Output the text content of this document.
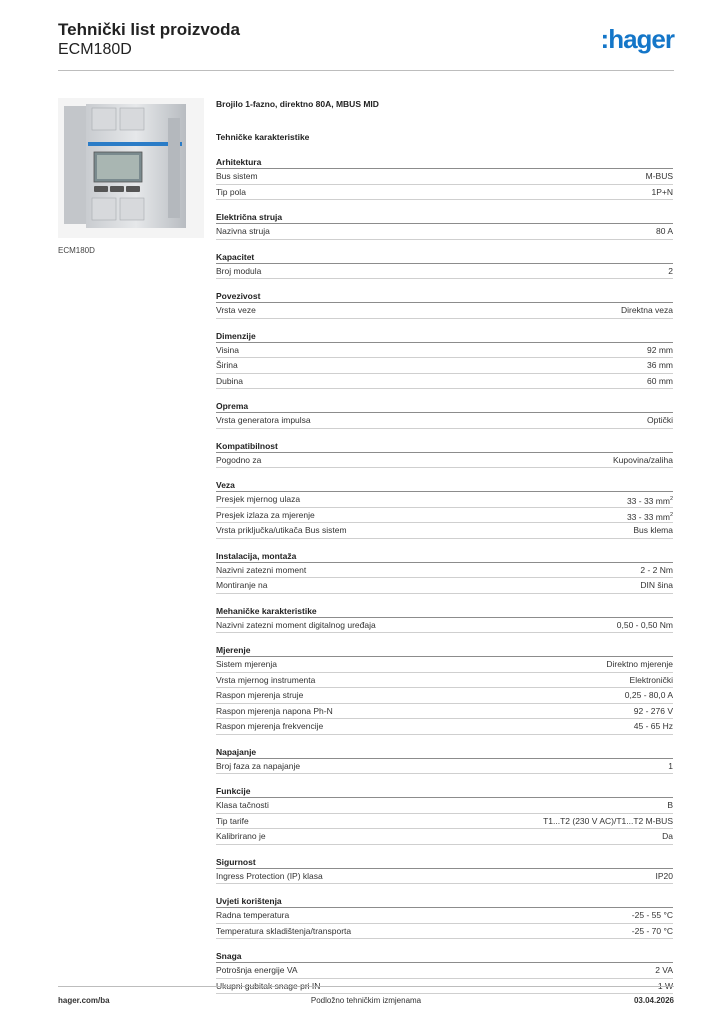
Tehnički list proizvoda
ECM180D	:hager
ECM180D
Brojilo 1-fazno, direktno 80A, MBUS MID
Tehničke karakteristike
Arhitektura
Bus sistem	M-BUS
Tip pola	1P+N
Električna struja
Nazivna struja	80 A
Kapacitet
Broj modula	2
Povezivost
Vrsta veze	Direktna veza
Dimenzije
Visina	92 mm
Širina	36 mm
Dubina	60 mm
Oprema
Vrsta generatora impulsa	Optički
Kompatibilnost
Pogodno za	Kupovina/zaliha
Veza
Presjek mjernog ulaza	33 - 33 $mm^2$
Presjek izlaza za mjerenje	33 - 33 $mm^2$
Vrsta priključka/utikača Bus sistem	Bus klema
Instalacija, montaža
Nazivni zatezni moment	2 - 2 Nm
Montiranje na	DIN šina
Mehaničke karakteristike
Nazivni zatezni moment digitalnog uređaja	0,50 - 0,50 Nm
Mjerenje
Sistem mjerenja	Direktno mjerenje
Vrsta mjernog instrumenta	Elektronički
Raspon mjerenja struje	0,25 - 80,0 A
Raspon mjerenja napona Ph-N	92 - 276 V
Raspon mjerenja frekvencije	45 - 65 Hz
Napajanje
Broj faza za napajanje	1
Funkcije
Klasa tačnosti	B
Tip tarife	T1...T2 (230 V AC)/T1...T2 M-BUS
Kalibrirano je	Da
Sigurnost
Ingress Protection (IP) klasa	IP20
Uvjeti korištenja
Radna temperatura	-25 - 55 °C
Temperatura skladištenja/transporta	-25 - 70 °C
Snaga
Potrošnja energije VA	2 VA
Ukupni gubitak snage pri IN	1 W
hager.com/ba	Podložno tehničkim izmjenama	03.04.2026
